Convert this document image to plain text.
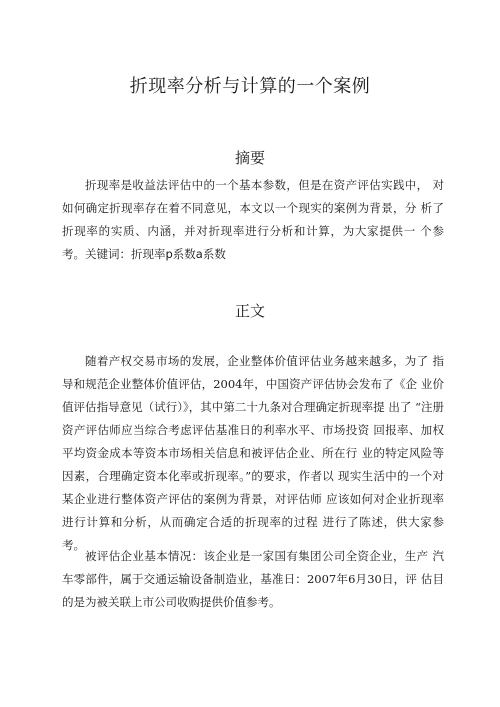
折现率分析与计算的一个案例
摘要

折现率是收益法评估中的一个基本参数，但是在资产评估实践中， 对如何确定折现率存在着不同意见，本文以一个现实的案例为背景，分 析了折现率的实质、内涵，并对折现率进行分析和计算，为大家提供一 个参考。 关键词：折现率p系数a系数

正文

随着产权交易市场的发展，企业整体价值评估业务越来越多，为了 指导和规范企业整体价值评估，2004年，中国资产评估协会发布了《企 业价值评估指导意见（试行）》，其中第二十九条对合理确定折现率提 出了 “注册资产评估师应当综合考虑评估基准日的利率水平、市场投资 回报率、加权平均资金成本等资本市场相关信息和被评估企业、所在行 业的特定风险等因素，合理确定资本化率或折现率。”的要求，作者以 现实生活中的一个对某企业进行整体资产评估的案例为背景，对评估师 应该如何对企业折现率进行计算和分析，从而确定合适的折现率的过程 进行了陈述，供大家参考。

被评估企业基本情况：该企业是一家国有集团公司全资企业，生产 汽车零部件，属于交通运输设备制造业，基准日：2007年6月30日，评 估目的是为被关联上市公司收购提供价值参考。
